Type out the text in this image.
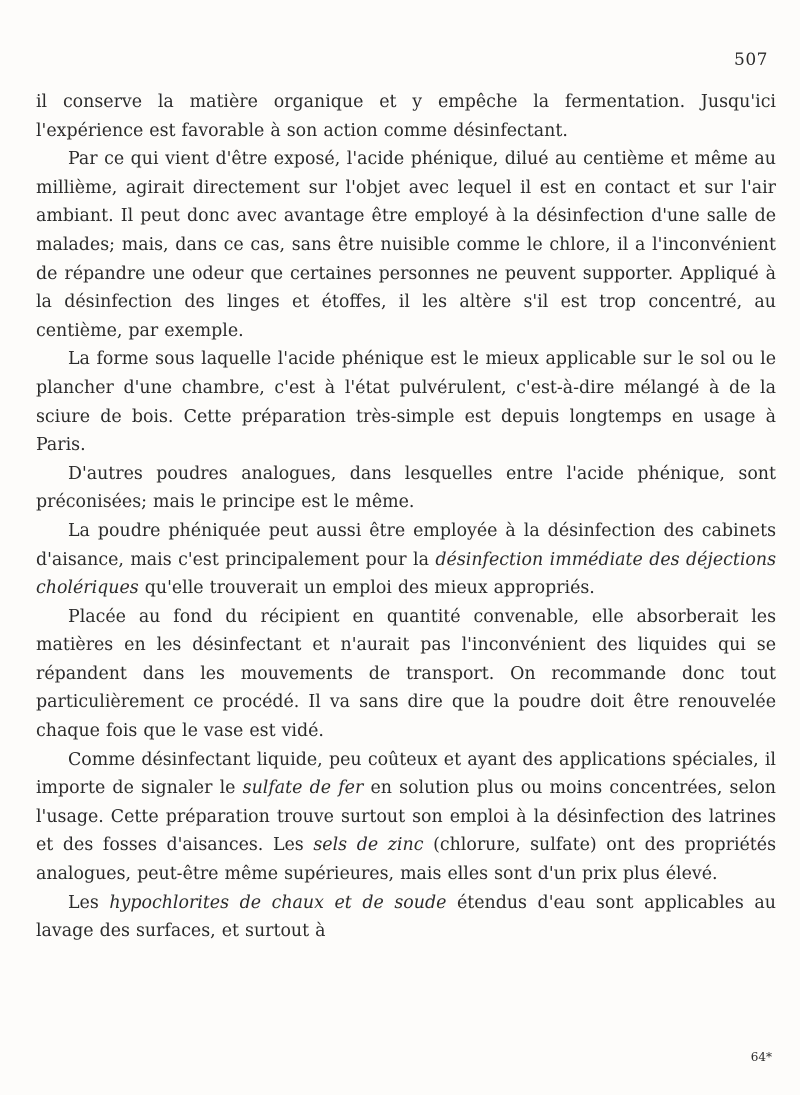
507

il conserve la matière organique et y empêche la fermentation. Jusqu'ici l'expérience est favorable à son action comme désinfectant.

Par ce qui vient d'être exposé, l'acide phénique, dilué au centième et même au millième, agirait directement sur l'objet avec lequel il est en contact et sur l'air ambiant. Il peut donc avec avantage être employé à la désinfection d'une salle de malades; mais, dans ce cas, sans être nuisible comme le chlore, il a l'inconvénient de répandre une odeur que certaines personnes ne peuvent supporter. Appliqué à la désinfection des linges et étoffes, il les altère s'il est trop concentré, au centième, par exemple.

La forme sous laquelle l'acide phénique est le mieux applicable sur le sol ou le plancher d'une chambre, c'est à l'état pulvérulent, c'est-à-dire mélangé à de la sciure de bois. Cette préparation très-simple est depuis longtemps en usage à Paris.

D'autres poudres analogues, dans lesquelles entre l'acide phénique, sont préconisées; mais le principe est le même.

La poudre phéniquée peut aussi être employée à la désinfection des cabinets d'aisance, mais c'est principalement pour la désinfection immédiate des déjections cholériques qu'elle trouverait un emploi des mieux appropriés.

Placée au fond du récipient en quantité convenable, elle absorberait les matières en les désinfectant et n'aurait pas l'inconvénient des liquides qui se répandent dans les mouvements de transport. On recommande donc tout particulièrement ce procédé. Il va sans dire que la poudre doit être renouvelée chaque fois que le vase est vidé.

Comme désinfectant liquide, peu coûteux et ayant des applications spéciales, il importe de signaler le sulfate de fer en solution plus ou moins concentrées, selon l'usage. Cette préparation trouve surtout son emploi à la désinfection des latrines et des fosses d'aisances. Les sels de zinc (chlorure, sulfate) ont des propriétés analogues, peut-être même supérieures, mais elles sont d'un prix plus élevé.

Les hypochlorites de chaux et de soude étendus d'eau sont applicables au lavage des surfaces, et surtout à

64*
